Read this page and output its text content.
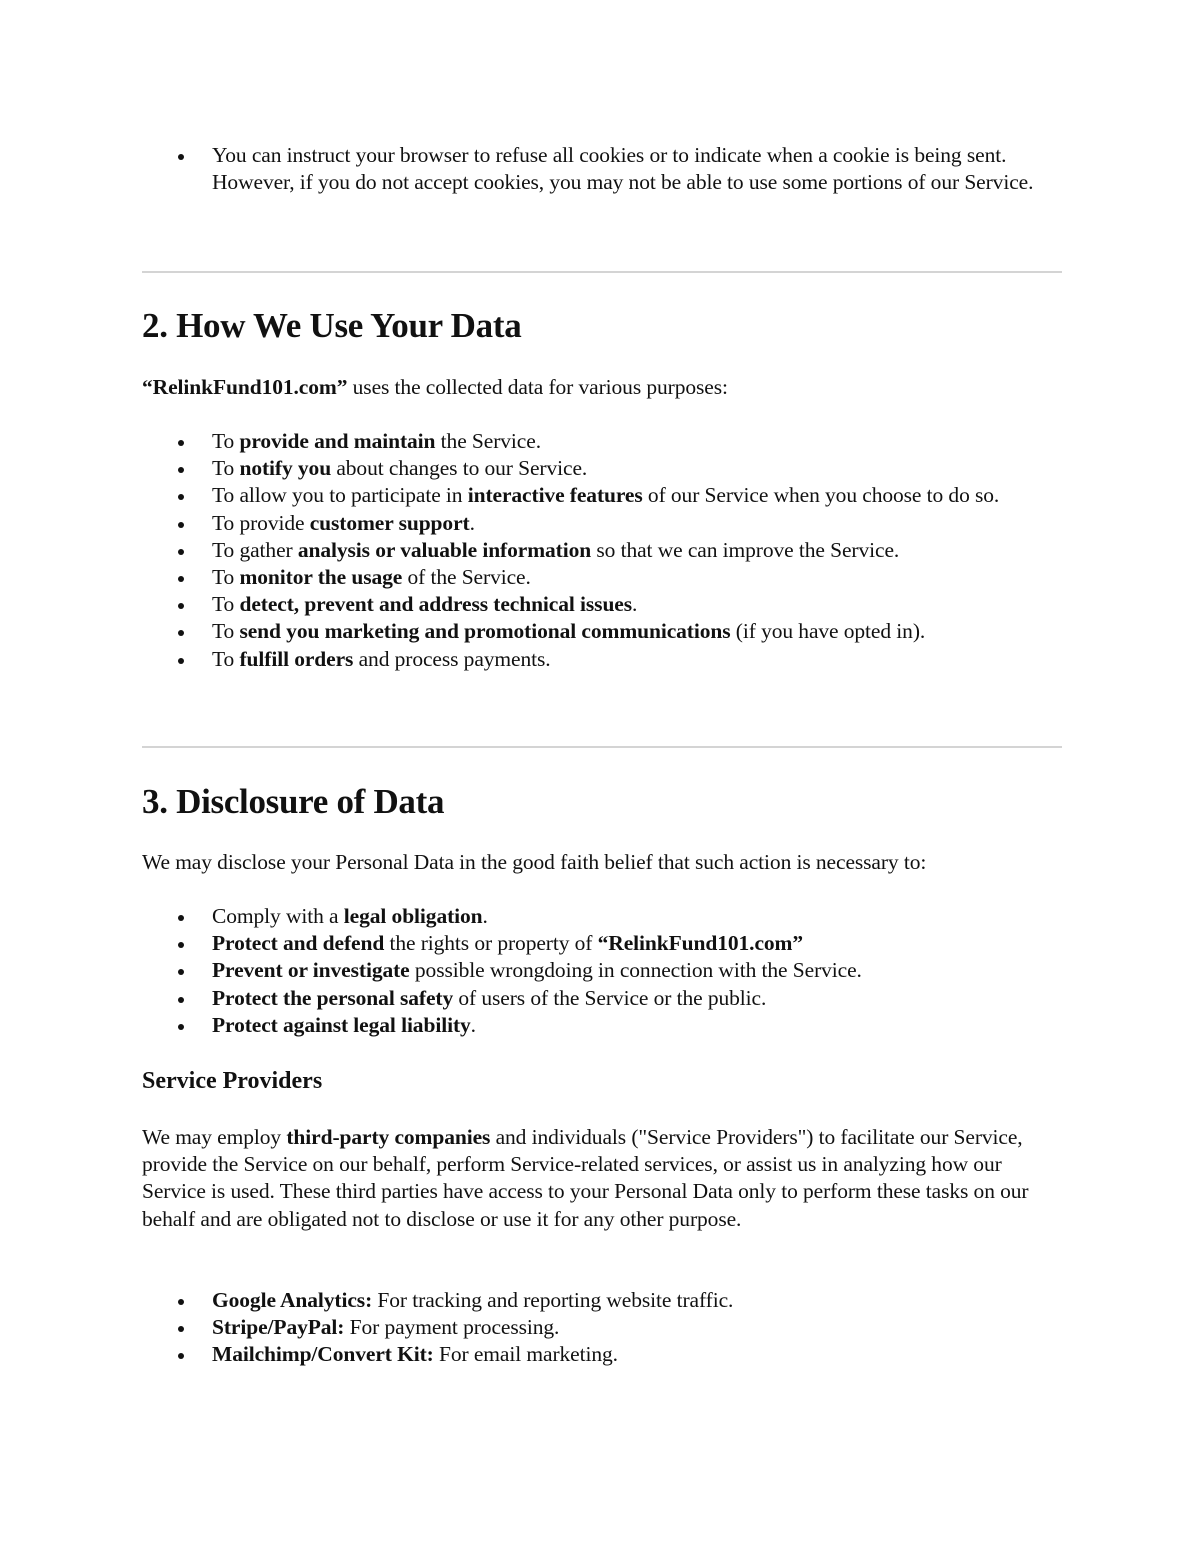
You can instruct your browser to refuse all cookies or to indicate when a cookie is being sent. However, if you do not accept cookies, you may not be able to use some portions of our Service.
2. How We Use Your Data

“RelinkFund101.com” uses the collected data for various purposes:

To provide and maintain the Service.
To notify you about changes to our Service.
To allow you to participate in interactive features of our Service when you choose to do so.
To provide customer support.
To gather analysis or valuable information so that we can improve the Service.
To monitor the usage of the Service.
To detect, prevent and address technical issues.
To send you marketing and promotional communications (if you have opted in).
To fulfill orders and process payments.
3. Disclosure of Data

We may disclose your Personal Data in the good faith belief that such action is necessary to:

Comply with a legal obligation.
Protect and defend the rights or property of “RelinkFund101.com”
Prevent or investigate possible wrongdoing in connection with the Service.
Protect the personal safety of users of the Service or the public.
Protect against legal liability.
Service Providers

We may employ third-party companies and individuals ("Service Providers") to facilitate our Service, provide the Service on our behalf, perform Service-related services, or assist us in analyzing how our Service is used. These third parties have access to your Personal Data only to perform these tasks on our behalf and are obligated not to disclose or use it for any other purpose.

Google Analytics: For tracking and reporting website traffic.
Stripe/PayPal: For payment processing.
Mailchimp/Convert Kit: For email marketing.
